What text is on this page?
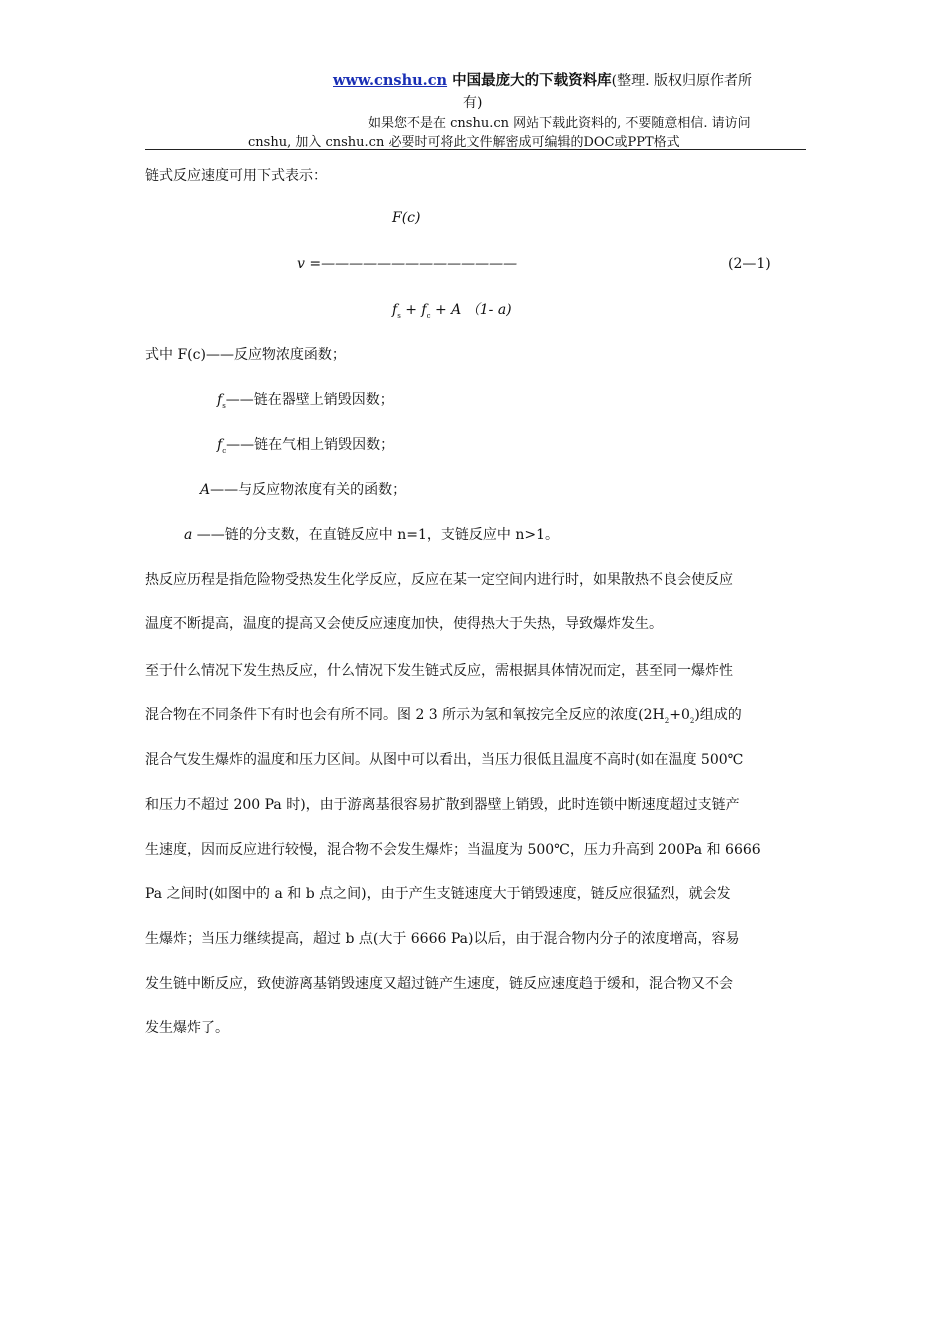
www.cnshu.cn 中国最庞大的下载资料库(整理. 版权归原作者所
有)
如果您不是在 cnshu.cn 网站下载此资料的, 不要随意相信. 请访问
cnshu, 加入 cnshu.cn 必要时可将此文件解密成可编辑的DOC或PPT格式
链式反应速度可用下式表示：
F(c)
v =——————————————	(2—1)
$f_s + f_c + A$ （1- a)
式中 F(c)——反应物浓度函数；
$f_s——$链在器壁上销毁因数；
$f_c——$链在气相上销毁因数；
A——与反应物浓度有关的函数；
a ——链的分支数，在直链反应中 n=1，支链反应中 n>1。
热反应历程是指危险物受热发生化学反应，反应在某一定空间内进行时，如果散热不良会使反应
温度不断提高，温度的提高又会使反应速度加快，使得热大于失热，导致爆炸发生。
至于什么情况下发生热反应，什么情况下发生链式反应，需根据具体情况而定，甚至同一爆炸性
混合物在不同条件下有时也会有所不同。图 2 3 所示为氢和氧按完全反应的浓度$(2H_2+0_2)$组成的
混合气发生爆炸的温度和压力区间。从图中可以看出，当压力很低且温度不高时(如在温度 500℃
和压力不超过 200 Pa 时)，由于游离基很容易扩散到器壁上销毁，此时连锁中断速度超过支链产
生速度，因而反应进行较慢，混合物不会发生爆炸；当温度为 500℃，压力升高到 200Pa 和 6666
Pa 之间时(如图中的 a 和 b 点之间)，由于产生支链速度大于销毁速度，链反应很猛烈，就会发
生爆炸；当压力继续提高，超过 b 点(大于 6666 Pa)以后，由于混合物内分子的浓度增高，容易
发生链中断反应，致使游离基销毁速度又超过链产生速度，链反应速度趋于缓和，混合物又不会
发生爆炸了。
